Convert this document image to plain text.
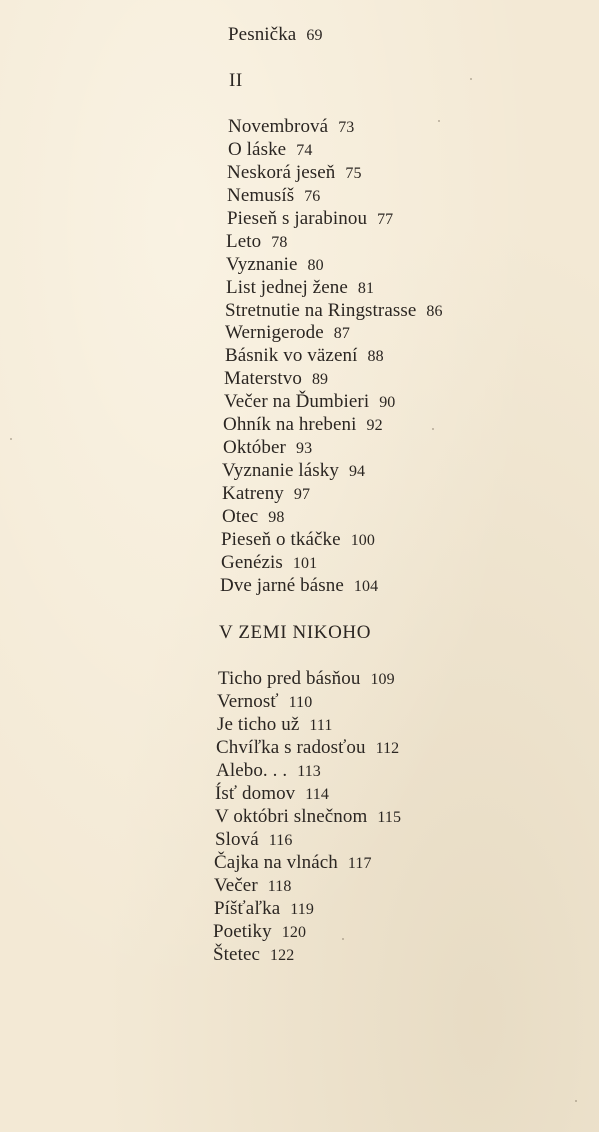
Pesnička 69
II
Novembrová 73
O láske 74
Neskorá jeseň 75
Nemusíš 76
Pieseň s jarabinou 77
Leto 78
Vyznanie 80
List jednej žene 81
Stretnutie na Ringstrasse 86
Wernigerode 87
Básnik vo väzení 88
Materstvo 89
Večer na Ďumbieri 90
Ohník na hrebeni 92
Október 93
Vyznanie lásky 94
Katreny 97
Otec 98
Pieseň o tkáčke 100
Genézis 101
Dve jarné básne 104
V ZEMI NIKOHO
Ticho pred básňou 109
Vernosť 110
Je ticho už 111
Chvíľka s radosťou 112
Alebo. . . 113
Ísť domov 114
V októbri slnečnom 115
Slová 116
Čajka na vlnách 117
Večer 118
Píšťaľka 119
Poetiky 120
Štetec 122
